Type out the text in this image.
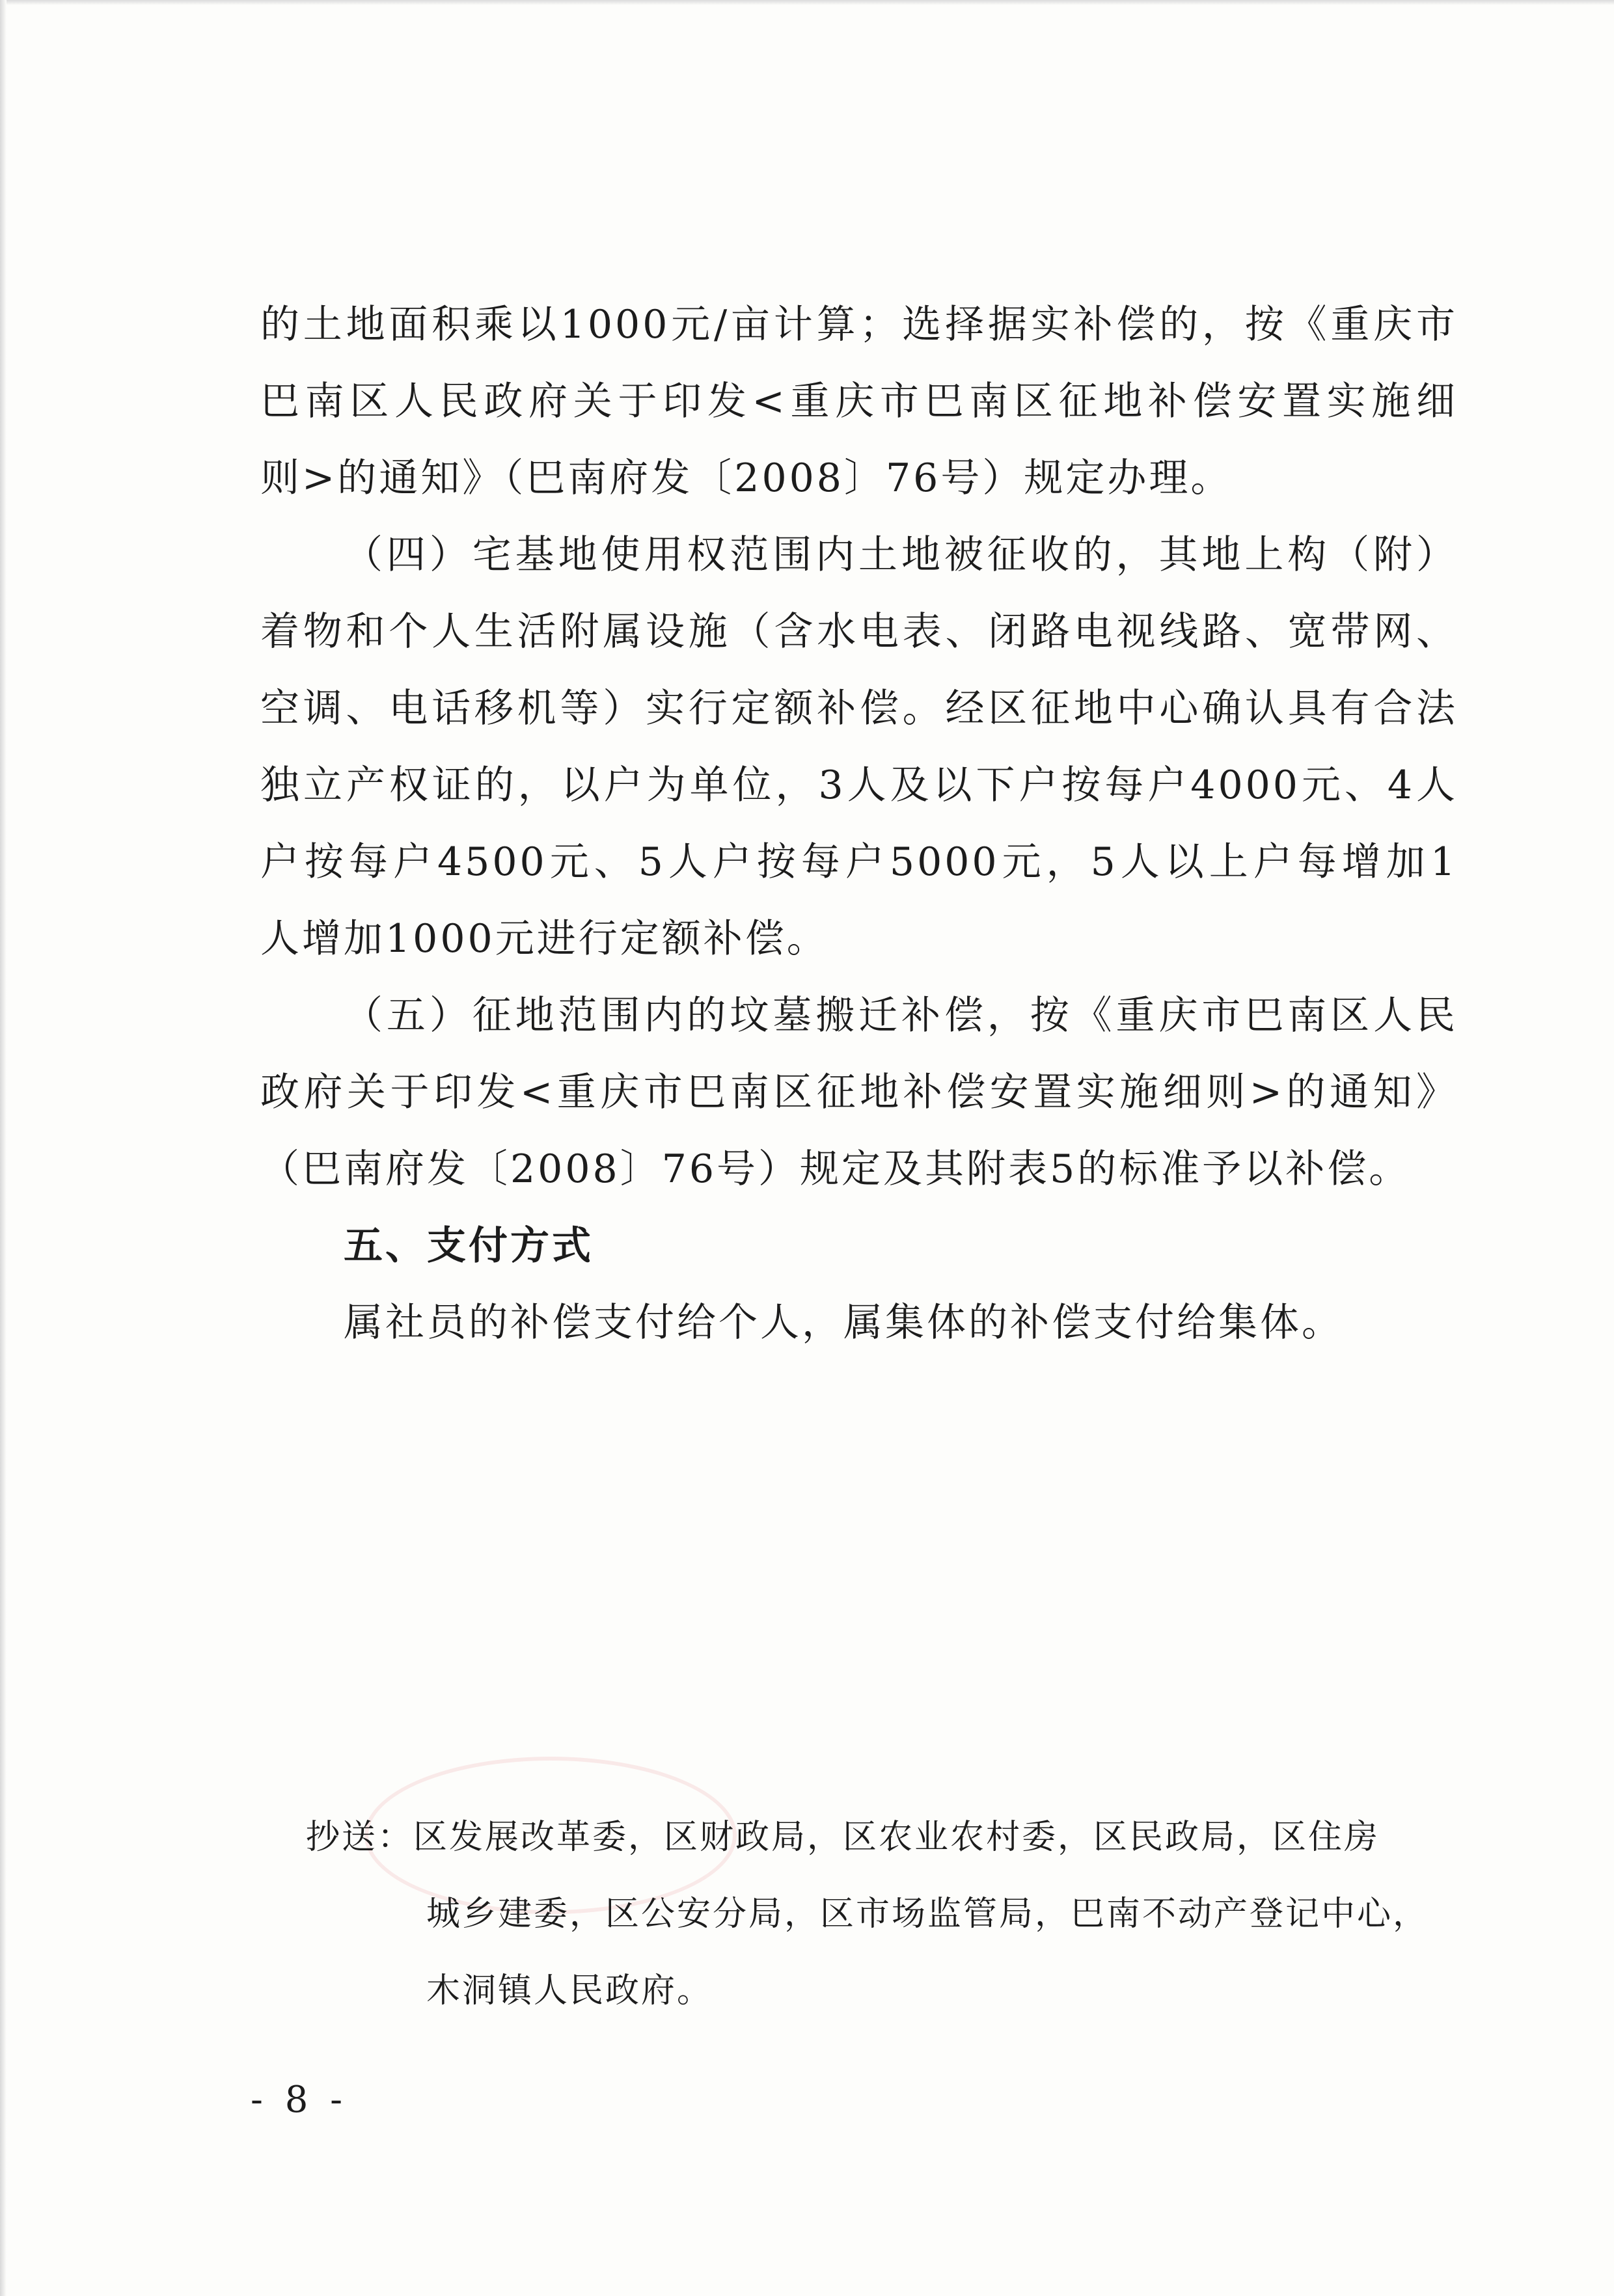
的土地面积乘以1000元/亩计算；选择据实补偿的，按《重庆市
巴南区人民政府关于印发<重庆市巴南区征地补偿安置实施细
则>的通知》（巴南府发〔2008〕76号）规定办理。
（四）宅基地使用权范围内土地被征收的，其地上构（附）
着物和个人生活附属设施（含水电表、闭路电视线路、宽带网、
空调、电话移机等）实行定额补偿。经区征地中心确认具有合法
独立产权证的，以户为单位，3人及以下户按每户4000元、4人
户按每户4500元、5人户按每户5000元，5人以上户每增加1
人增加1000元进行定额补偿。
（五）征地范围内的坟墓搬迁补偿，按《重庆市巴南区人民
政府关于印发<重庆市巴南区征地补偿安置实施细则>的通知》
（巴南府发〔2008〕76号）规定及其附表5的标准予以补偿。
五、支付方式
属社员的补偿支付给个人，属集体的补偿支付给集体。
抄送：区发展改革委，区财政局，区农业农村委，区民政局，区住房
城乡建委，区公安分局，区市场监管局，巴南不动产登记中心，
木洞镇人民政府。
- 8 -
